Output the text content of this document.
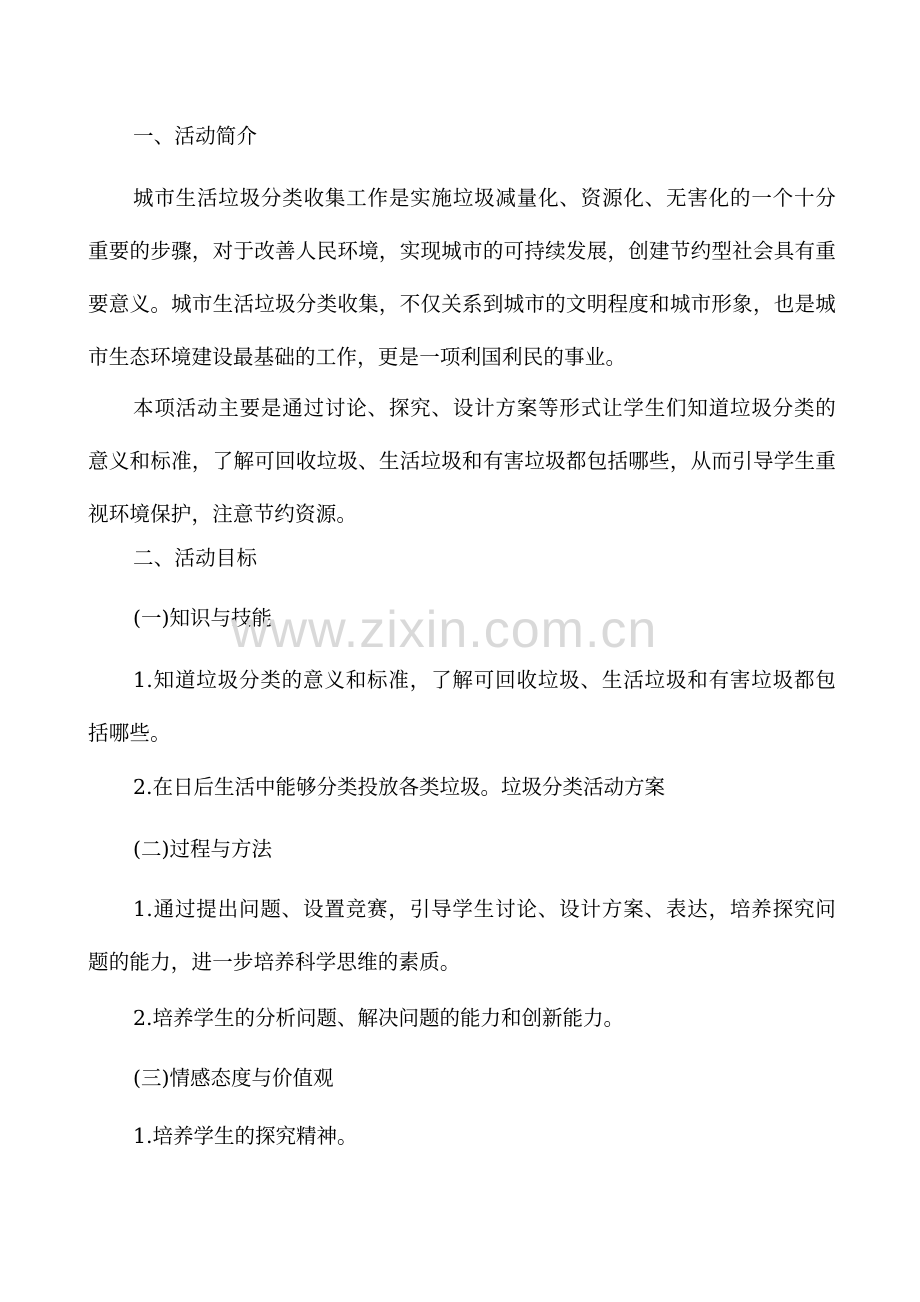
一、活动简介

城市生活垃圾分类收集工作是实施垃圾减量化、资源化、无害化的一个十分重要的步骤，对于改善人民环境，实现城市的可持续发展，创建节约型社会具有重要意义。城市生活垃圾分类收集，不仅关系到城市的文明程度和城市形象，也是城市生态环境建设最基础的工作，更是一项利国利民的事业。

本项活动主要是通过讨论、探究、设计方案等形式让学生们知道垃圾分类的意义和标准，了解可回收垃圾、生活垃圾和有害垃圾都包括哪些，从而引导学生重视环境保护，注意节约资源。

二、活动目标

(一)知识与技能

1.知道垃圾分类的意义和标准，了解可回收垃圾、生活垃圾和有害垃圾都包括哪些。

2.在日后生活中能够分类投放各类垃圾。垃圾分类活动方案

(二)过程与方法

1.通过提出问题、设置竞赛，引导学生讨论、设计方案、表达，培养探究问题的能力，进一步培养科学思维的素质。

2.培养学生的分析问题、解决问题的能力和创新能力。

(三)情感态度与价值观

1.培养学生的探究精神。

www.zixin.com.cn
